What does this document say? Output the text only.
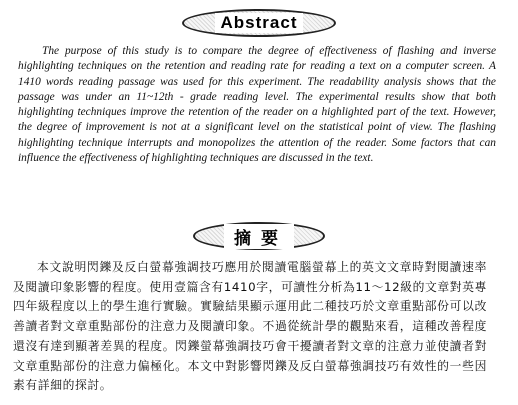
Abstract

The purpose of this study is to compare the degree of effectiveness of flashing and inverse highlighting techniques on the retention and reading rate for reading a text on a computer screen. A 1410 words reading passage was used for this experiment. The readability analysis shows that the passage was under an 11~12th - grade reading level. The experimental results show that both highlighting techniques improve the retention of the reader on a highlighted part of the text. However, the degree of improvement is not at a significant level on the statistical point of view. The flashing highlighting technique interrupts and monopolizes the attention of the reader. Some factors that can influence the effectiveness of highlighting techniques are discussed in the text.

摘要

本文說明閃鑠及反白螢幕強調技巧應用於閱讀電腦螢幕上的英文文章時對閱讀速率及閱讀印象影響的程度。使用壹篇含有1410字，可讀性分析為11～12級的文章對英專四年級程度以上的學生進行實驗。實驗結果顯示運用此二種技巧於文章重點部份可以改善讀者對文章重點部份的注意力及閱讀印象。不過從統計學的觀點來看，這種改善程度還沒有達到顯著差異的程度。閃鑠螢幕強調技巧會干擾讀者對文章的注意力並使讀者對文章重點部份的注意力偏極化。本文中對影響閃鑠及反白螢幕強調技巧有效性的一些因素有詳細的探討。
